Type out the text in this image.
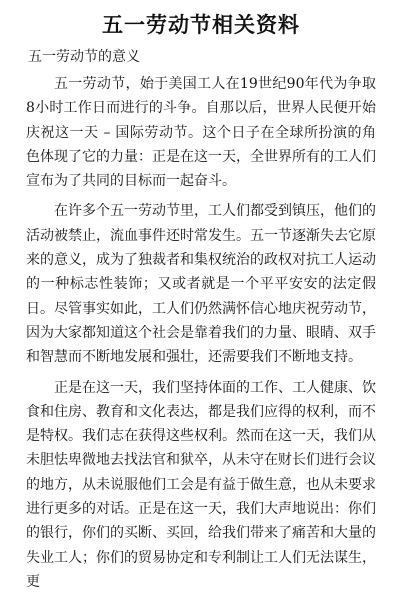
五一劳动节相关资料
五一劳动节的意义

五一劳动节，始于美国工人在19世纪90年代为争取8小时工作日而进行的斗争。自那以后，世界人民便开始庆祝这一天 – 国际劳动节。这个日子在全球所扮演的角色体现了它的力量：正是在这一天，全世界所有的工人们宣布为了共同的目标而一起奋斗。

在许多个五一劳动节里，工人们都受到镇压，他们的活动被禁止，流血事件还时常发生。五一节逐渐失去它原来的意义，成为了独裁者和集权统治的政权对抗工人运动的一种标志性装饰；又或者就是一个平平安安的法定假日。尽管事实如此，工人们仍然满怀信心地庆祝劳动节，因为大家都知道这个社会是靠着我们的力量、眼睛、双手和智慧而不断地发展和强壮，还需要我们不断地支持。

正是在这一天，我们坚持体面的工作、工人健康、饮食和住房、教育和文化表达，都是我们应得的权利，而不是特权。我们志在获得这些权利。然而在这一天，我们从未胆怯卑微地去找法官和狱卒，从未守在财长们进行会议的地方，从未说服他们工会是有益于做生意，也从未要求进行更多的对话。正是在这一天，我们大声地说出：你们的银行，你们的买断、买回，给我们带来了痛苦和大量的失业工人；你们的贸易协定和专利制让工人们无法谋生，更
